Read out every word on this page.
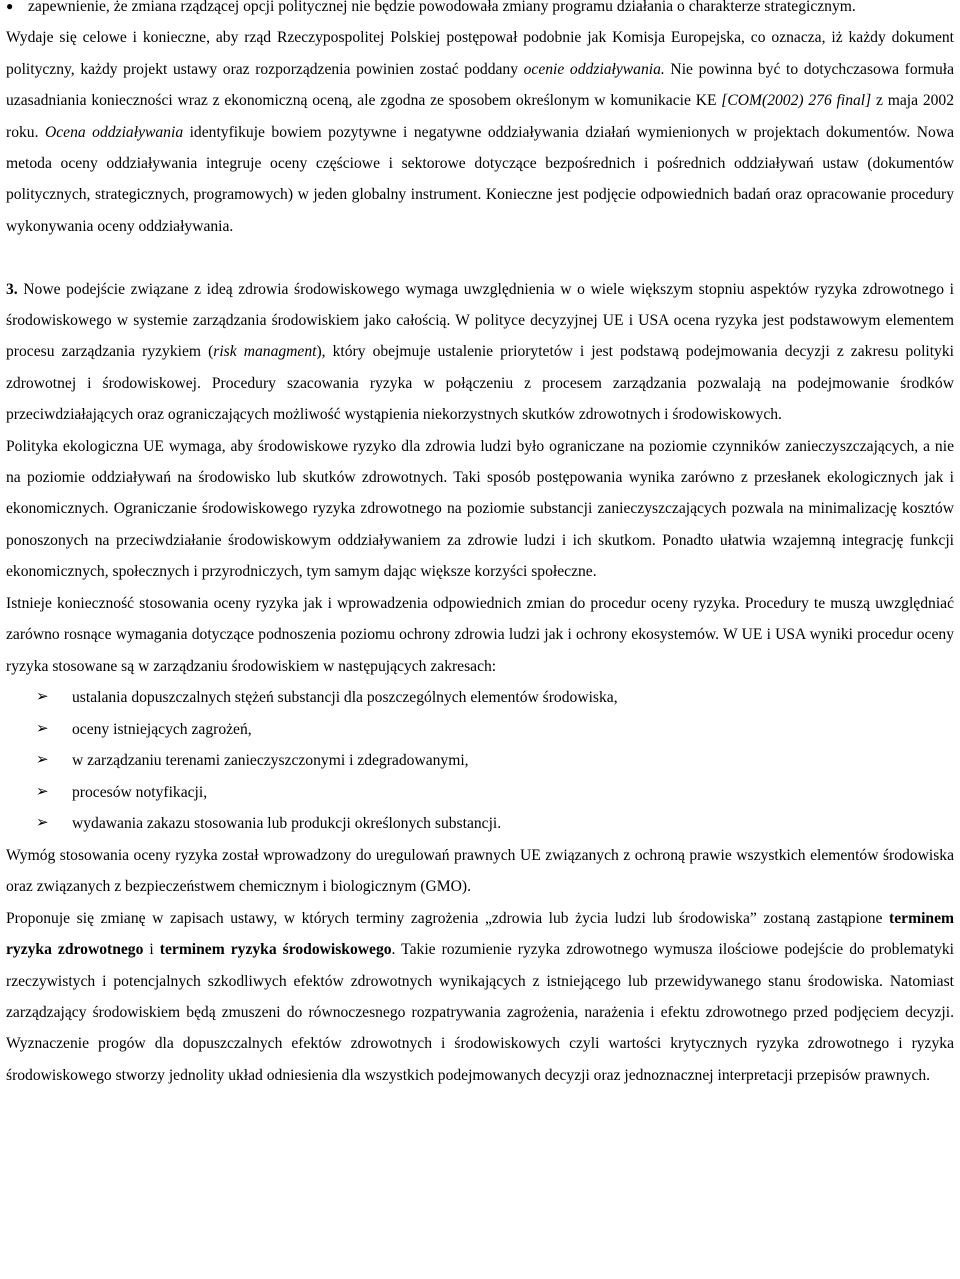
● zapewnienie, że zmiana rządzącej opcji politycznej nie będzie powodowała zmiany programu działania o charakterze strategicznym.

Wydaje się celowe i konieczne, aby rząd Rzeczypospolitej Polskiej postępował podobnie jak Komisja Europejska, co oznacza, iż każdy dokument polityczny, każdy projekt ustawy oraz rozporządzenia powinien zostać poddany ocenie oddziaływania. Nie powinna być to dotychczasowa formuła uzasadniania konieczności wraz z ekonomiczną oceną, ale zgodna ze sposobem określonym w komunikacie KE [COM(2002) 276 final] z maja 2002 roku. Ocena oddziaływania identyfikuje bowiem pozytywne i negatywne oddziaływania działań wymienionych w projektach dokumentów. Nowa metoda oceny oddziaływania integruje oceny częściowe i sektorowe dotyczące bezpośrednich i pośrednich oddziaływań ustaw (dokumentów politycznych, strategicznych, programowych) w jeden globalny instrument. Konieczne jest podjęcie odpowiednich badań oraz opracowanie procedury wykonywania oceny oddziaływania.

3. Nowe podejście związane z ideą zdrowia środowiskowego wymaga uwzględnienia w o wiele większym stopniu aspektów ryzyka zdrowotnego i środowiskowego w systemie zarządzania środowiskiem jako całością. W polityce decyzyjnej UE i USA ocena ryzyka jest podstawowym elementem procesu zarządzania ryzykiem (risk managment), który obejmuje ustalenie priorytetów i jest podstawą podejmowania decyzji z zakresu polityki zdrowotnej i środowiskowej. Procedury szacowania ryzyka w połączeniu z procesem zarządzania pozwalają na podejmowanie środków przeciwdziałających oraz ograniczających możliwość wystąpienia niekorzystnych skutków zdrowotnych i środowiskowych.

Polityka ekologiczna UE wymaga, aby środowiskowe ryzyko dla zdrowia ludzi było ograniczane na poziomie czynników zanieczyszczających, a nie na poziomie oddziaływań na środowisko lub skutków zdrowotnych. Taki sposób postępowania wynika zarówno z przesłanek ekologicznych jak i ekonomicznych. Ograniczanie środowiskowego ryzyka zdrowotnego na poziomie substancji zanieczyszczających pozwala na minimalizację kosztów ponoszonych na przeciwdziałanie środowiskowym oddziaływaniem za zdrowie ludzi i ich skutkom. Ponadto ułatwia wzajemną integrację funkcji ekonomicznych, społecznych i przyrodniczych, tym samym dając większe korzyści społeczne.

Istnieje konieczność stosowania oceny ryzyka jak i wprowadzenia odpowiednich zmian do procedur oceny ryzyka. Procedury te muszą uwzględniać zarówno rosnące wymagania dotyczące podnoszenia poziomu ochrony zdrowia ludzi jak i ochrony ekosystemów. W UE i USA wyniki procedur oceny ryzyka stosowane są w zarządzaniu środowiskiem w następujących zakresach:

➢	ustalania dopuszczalnych stężeń substancji dla poszczególnych elementów środowiska,
➢	oceny istniejących zagrożeń,
➢	w zarządzaniu terenami zanieczyszczonymi i zdegradowanymi,
➢	procesów notyfikacji,
➢	wydawania zakazu stosowania lub produkcji określonych substancji.

Wymóg stosowania oceny ryzyka został wprowadzony do uregulowań prawnych UE związanych z ochroną prawie wszystkich elementów środowiska oraz związanych z bezpieczeństwem chemicznym i biologicznym (GMO).

Proponuje się zmianę w zapisach ustawy, w których terminy zagrożenia „zdrowia lub życia ludzi lub środowiska” zostaną zastąpione terminem ryzyka zdrowotnego i terminem ryzyka środowiskowego. Takie rozumienie ryzyka zdrowotnego wymusza ilościowe podejście do problematyki rzeczywistych i potencjalnych szkodliwych efektów zdrowotnych wynikających z istniejącego lub przewidywanego stanu środowiska. Natomiast zarządzający środowiskiem będą zmuszeni do równoczesnego rozpatrywania zagrożenia, narażenia i efektu zdrowotnego przed podjęciem decyzji. Wyznaczenie progów dla dopuszczalnych efektów zdrowotnych i środowiskowych czyli wartości krytycznych ryzyka zdrowotnego i ryzyka środowiskowego stworzy jednolity układ odniesienia dla wszystkich podejmowanych decyzji oraz jednoznacznej interpretacji przepisów prawnych.
